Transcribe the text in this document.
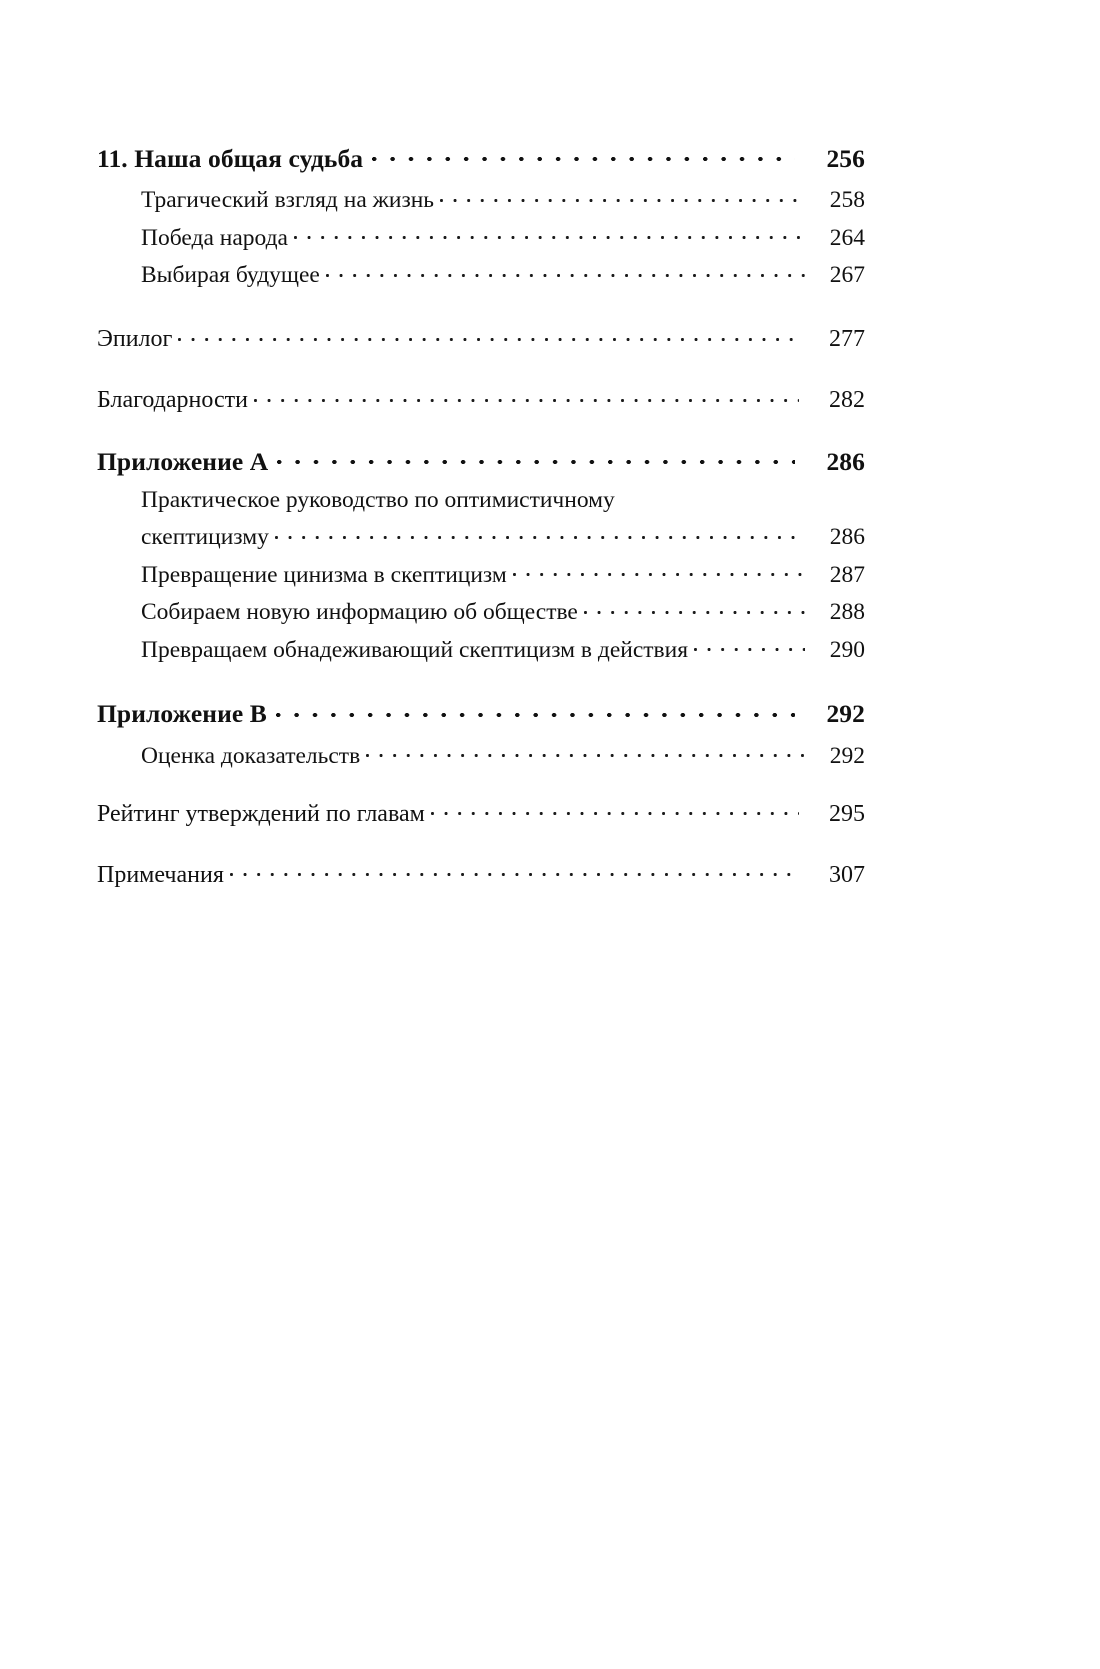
11. Наша общая судьба	256
Трагический взгляд на жизнь	258
Победа народа	264
Выбирая будущее	267
Эпилог	277
Благодарности	282
Приложение А	286
Практическое руководство по оптимистичному
скептицизму	286
Превращение цинизма в скептицизм	287
Собираем новую информацию об обществе	288
Превращаем обнадеживающий скептицизм в действия	290
Приложение В	292
Оценка доказательств	292
Рейтинг утверждений по главам	295
Примечания	307
